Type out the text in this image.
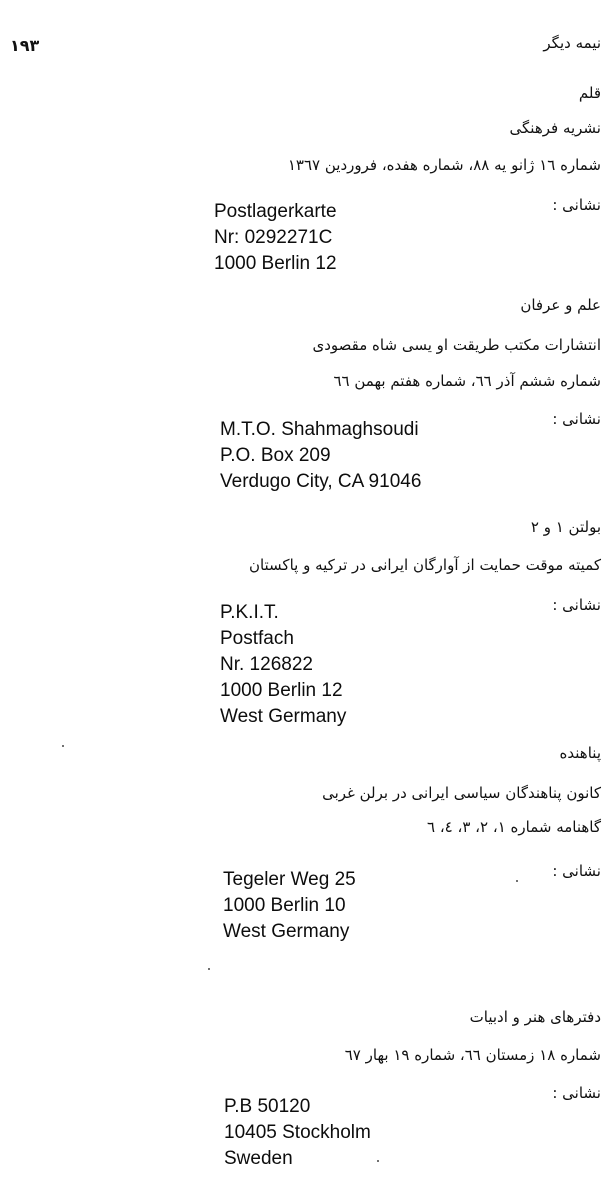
۱۹۳	نیمه دیگر
قلم
نشریه فرهنگی
شماره ١٦ ژانو یه ٨٨، شماره هفده، فروردین ١٣٦٧
نشانی :
Postlagerkarte
Nr: 0292271C
1000 Berlin 12
علم و عرفان
انتشارات مکتب طریقت او یسی شاه مقصودی
شماره ششم آذر ٦٦، شماره هفتم بهمن ٦٦
نشانی :
M.T.O. Shahmaghsoudi
P.O. Box 209
Verdugo City, CA 91046
بولتن ۱ و ۲
کمیته موقت حمایت از آوارگان ایرانی در ترکیه و پاکستان
نشانی :
P.K.I.T.
Postfach
Nr. 126822
1000 Berlin 12
West Germany
پناهنده
کانون پناهندگان سیاسی ایرانی در برلن غربی
گاهنامه شماره ۱، ۲، ۳، ٤، ٦
نشانی :
Tegeler Weg 25
1000 Berlin 10
West Germany
دفترهای هنر و ادبیات
شماره ۱۸ زمستان ٦٦، شماره ۱۹ بهار ٦٧
نشانی :
P.B 50120
10405 Stockholm
Sweden
